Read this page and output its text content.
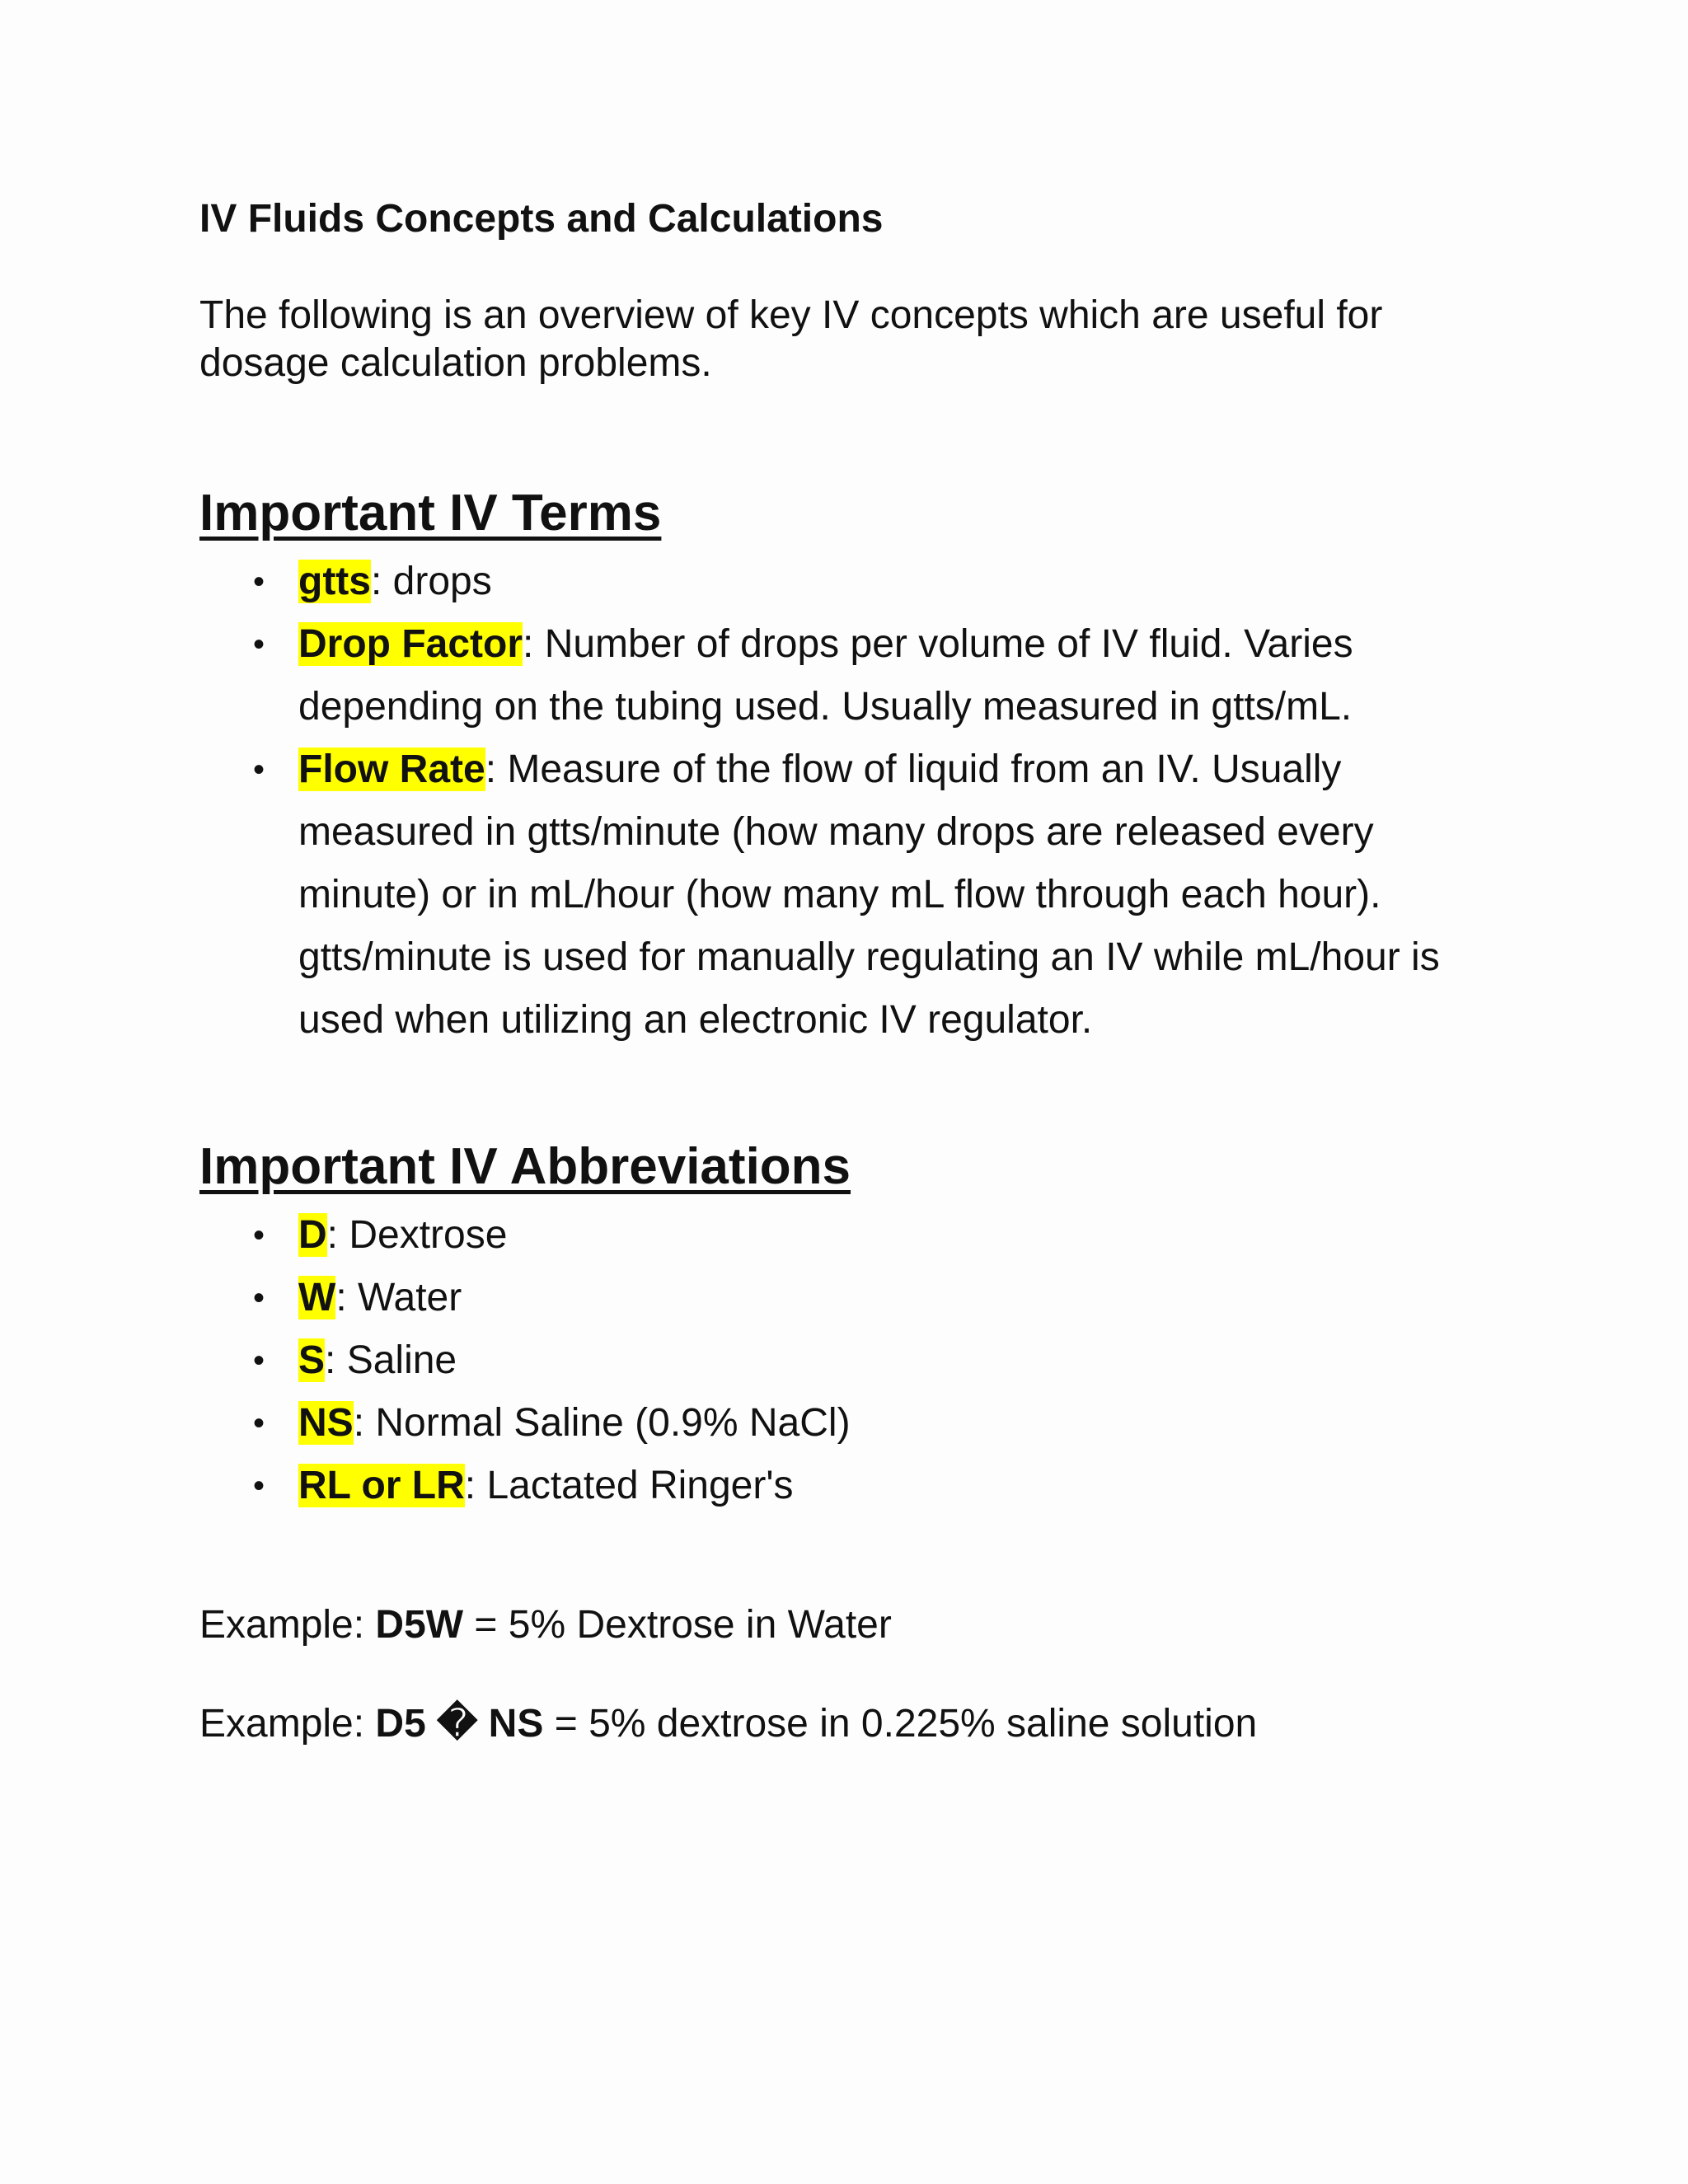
IV Fluids Concepts and Calculations

The following is an overview of key IV concepts which are useful for dosage calculation problems.

Important IV Terms
• gtts: drops
• Drop Factor: Number of drops per volume of IV fluid. Varies depending on the tubing used. Usually measured in gtts/mL.
• Flow Rate: Measure of the flow of liquid from an IV. Usually measured in gtts/minute (how many drops are released every minute) or in mL/hour (how many mL flow through each hour). gtts/minute is used for manually regulating an IV while mL/hour is used when utilizing an electronic IV regulator.
Important IV Abbreviations
• D: Dextrose
• W: Water
• S: Saline
• NS: Normal Saline (0.9% NaCl)
• RL or LR: Lactated Ringer's

Example: D5W = 5% Dextrose in Water

Example: D5 � NS = 5% dextrose in 0.225% saline solution
